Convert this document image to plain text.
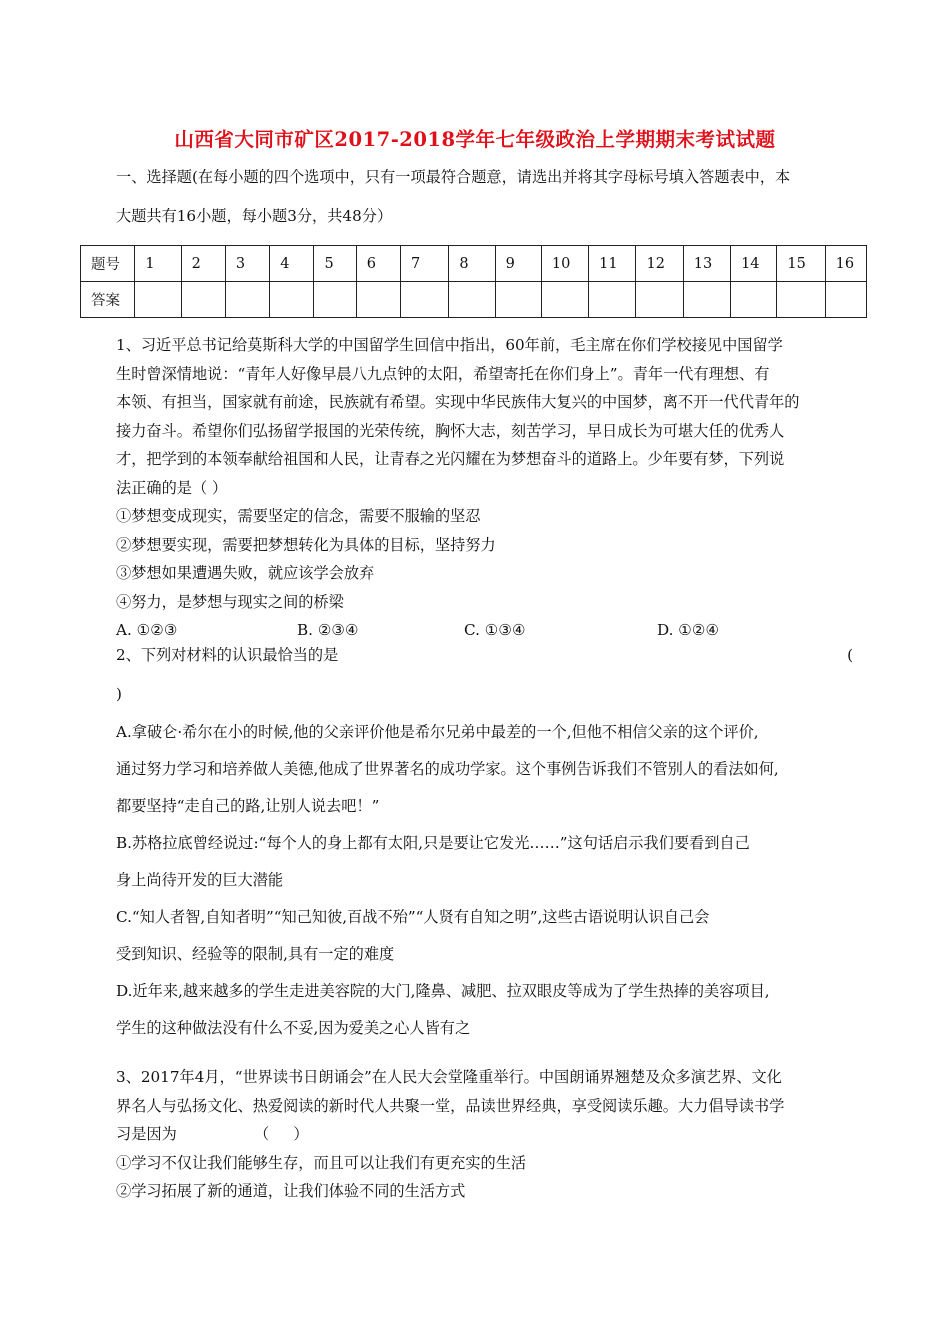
山西省大同市矿区2017-2018学年七年级政治上学期期末考试试题
一、选择题(在每小题的四个选项中，只有一项最符合题意，请选出并将其字母标号填入答题表中，本
大题共有16小题，每小题3分，共48分）
题号	1	2	3	4	5	6	7	8	9	10	11	12	13	14	15	16
答案																
1、习近平总书记给莫斯科大学的中国留学生回信中指出，60年前，毛主席在你们学校接见中国留学
生时曾深情地说：“青年人好像早晨八九点钟的太阳，希望寄托在你们身上”。青年一代有理想、有
本领、有担当，国家就有前途，民族就有希望。实现中华民族伟大复兴的中国梦，离不开一代代青年的
接力奋斗。希望你们弘扬留学报国的光荣传统，胸怀大志，刻苦学习，早日成长为可堪大任的优秀人
才，把学到的本领奉献给祖国和人民，让青春之光闪耀在为梦想奋斗的道路上。少年要有梦，下列说
法正确的是（ ）
①梦想变成现实，需要坚定的信念，需要不服输的坚忍
②梦想要实现，需要把梦想转化为具体的目标，坚持努力
③梦想如果遭遇失败，就应该学会放弃
④努力，是梦想与现实之间的桥梁
A. ①②③	B. ②③④	C. ①③④	D. ①②④
2、下列对材料的认识最恰当的是	(
)
A.拿破仑·希尔在小的时候,他的父亲评价他是希尔兄弟中最差的一个,但他不相信父亲的这个评价,
通过努力学习和培养做人美德,他成了世界著名的成功学家。这个事例告诉我们不管别人的看法如何,
都要坚持“走自己的路,让别人说去吧！”
B.苏格拉底曾经说过:“每个人的身上都有太阳,只是要让它发光……”这句话启示我们要看到自己
身上尚待开发的巨大潜能
C.“知人者智,自知者明”“知己知彼,百战不殆”“人贤有自知之明”,这些古语说明认识自己会
受到知识、经验等的限制,具有一定的难度
D.近年来,越来越多的学生走进美容院的大门,隆鼻、减肥、拉双眼皮等成为了学生热捧的美容项目,
学生的这种做法没有什么不妥,因为爱美之心人皆有之
3、2017年4月，“世界读书日朗诵会”在人民大会堂隆重举行。中国朗诵界翘楚及众多演艺界、文化
界名人与弘扬文化、热爱阅读的新时代人共聚一堂，品读世界经典，享受阅读乐趣。大力倡导读书学
习是因为                （     ）
①学习不仅让我们能够生存，而且可以让我们有更充实的生活
②学习拓展了新的通道，让我们体验不同的生活方式
